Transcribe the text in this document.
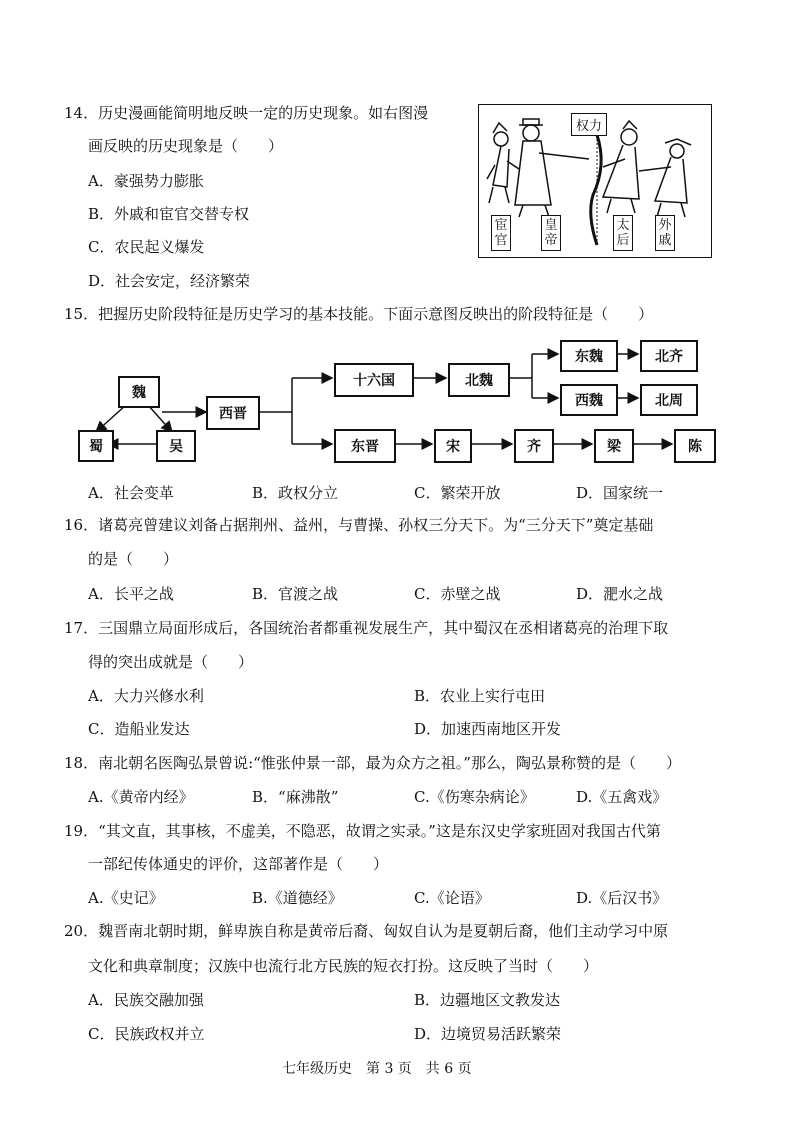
14．历史漫画能简明地反映一定的历史现象。如右图漫
画反映的历史现象是（　　）
A．豪强势力膨胀
B．外戚和宦官交替专权
C．农民起义爆发
D．社会安定，经济繁荣
权力
宦官
皇帝
太后
外戚
15．把握历史阶段特征是历史学习的基本技能。下面示意图反映出的阶段特征是（　　）
魏
蜀	吴
西晋
十六国	北魏
东魏	北齐
西魏	北周
东晋	宋	齐	梁	陈
A．社会变革	B．政权分立	C．繁荣开放	D．国家统一
16．诸葛亮曾建议刘备占据荆州、益州，与曹操、孙权三分天下。为“三分天下”奠定基础
的是（　　）
A．长平之战	B．官渡之战	C．赤壁之战	D．淝水之战
17．三国鼎立局面形成后，各国统治者都重视发展生产，其中蜀汉在丞相诸葛亮的治理下取
得的突出成就是（　　）
A．大力兴修水利	B．农业上实行屯田
C．造船业发达	D．加速西南地区开发
18．南北朝名医陶弘景曾说:“惟张仲景一部，最为众方之祖。”那么，陶弘景称赞的是（　　）
A.《黄帝内经》	B．“麻沸散”	C.《伤寒杂病论》	D.《五禽戏》
19．“其文直，其事核，不虚美，不隐恶，故谓之实录。”这是东汉史学家班固对我国古代第
一部纪传体通史的评价，这部著作是（　　）
A.《史记》	B.《道德经》	C.《论语》	D.《后汉书》
20．魏晋南北朝时期，鲜卑族自称是黄帝后裔、匈奴自认为是夏朝后裔，他们主动学习中原
文化和典章制度；汉族中也流行北方民族的短衣打扮。这反映了当时（　　）
A．民族交融加强	B．边疆地区文教发达
C．民族政权并立	D．边境贸易活跃繁荣
七年级历史　第 3 页　共 6 页
